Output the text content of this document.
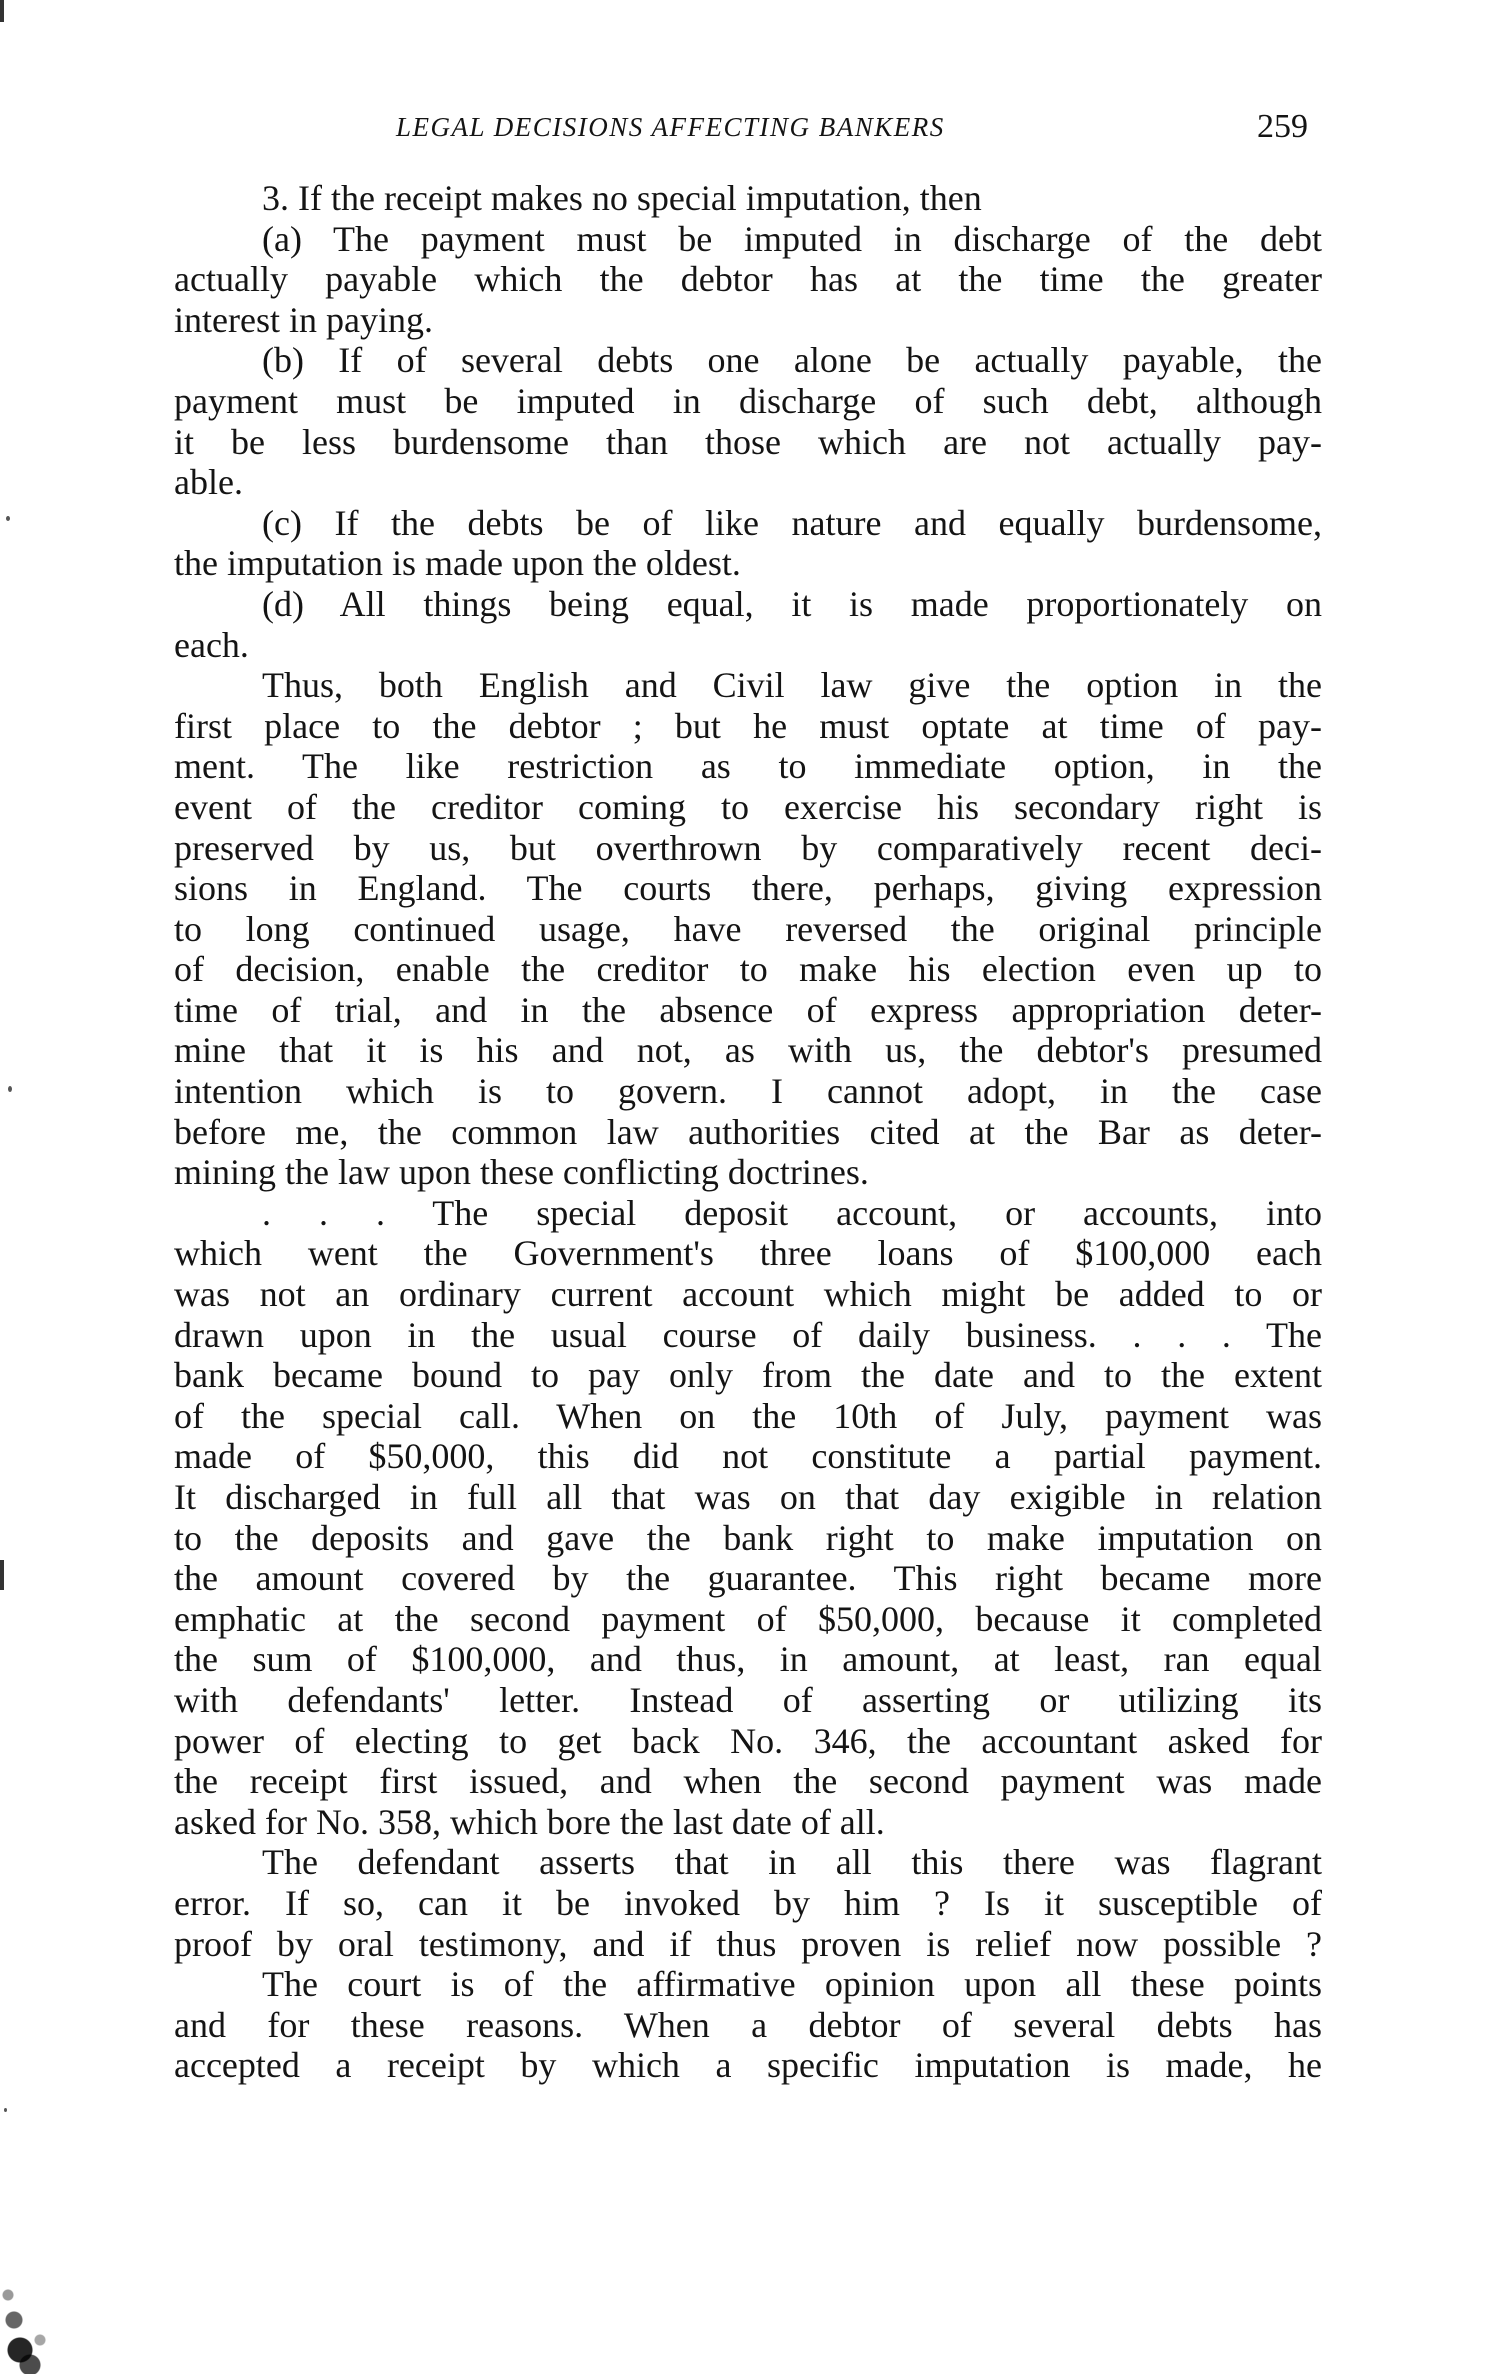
LEGAL DECISIONS AFFECTING BANKERS	259
3. If the receipt makes no special imputation, then
(a) The payment must be imputed in discharge of the debt
actually payable which the debtor has at the time the greater
interest in paying.
(b) If of several debts one alone be actually payable, the
payment must be imputed in discharge of such debt, although
it be less burdensome than those which are not actually pay-
able.
(c) If the debts be of like nature and equally burdensome,
the imputation is made upon the oldest.
(d) All things being equal, it is made proportionately on
each.
Thus, both English and Civil law give the option in the
first place to the debtor ; but he must optate at time of pay-
ment. The like restriction as to immediate option, in the
event of the creditor coming to exercise his secondary right is
preserved by us, but overthrown by comparatively recent deci-
sions in England. The courts there, perhaps, giving expression
to long continued usage, have reversed the original principle
of decision, enable the creditor to make his election even up to
time of trial, and in the absence of express appropriation deter-
mine that it is his and not, as with us, the debtor's presumed
intention which is to govern. I cannot adopt, in the case
before me, the common law authorities cited at the Bar as deter-
mining the law upon these conflicting doctrines.
. . . The special deposit account, or accounts, into
which went the Government's three loans of $100,000 each
was not an ordinary current account which might be added to or
drawn upon in the usual course of daily business. . . . The
bank became bound to pay only from the date and to the extent
of the special call. When on the 10th of July, payment was
made of $50,000, this did not constitute a partial payment.
It discharged in full all that was on that day exigible in relation
to the deposits and gave the bank right to make imputation on
the amount covered by the guarantee. This right became more
emphatic at the second payment of $50,000, because it completed
the sum of $100,000, and thus, in amount, at least, ran equal
with defendants' letter. Instead of asserting or utilizing its
power of electing to get back No. 346, the accountant asked for
the receipt first issued, and when the second payment was made
asked for No. 358, which bore the last date of all.
The defendant asserts that in all this there was flagrant
error. If so, can it be invoked by him ? Is it susceptible of
proof by oral testimony, and if thus proven is relief now possible ?
The court is of the affirmative opinion upon all these points
and for these reasons. When a debtor of several debts has
accepted a receipt by which a specific imputation is made, he
